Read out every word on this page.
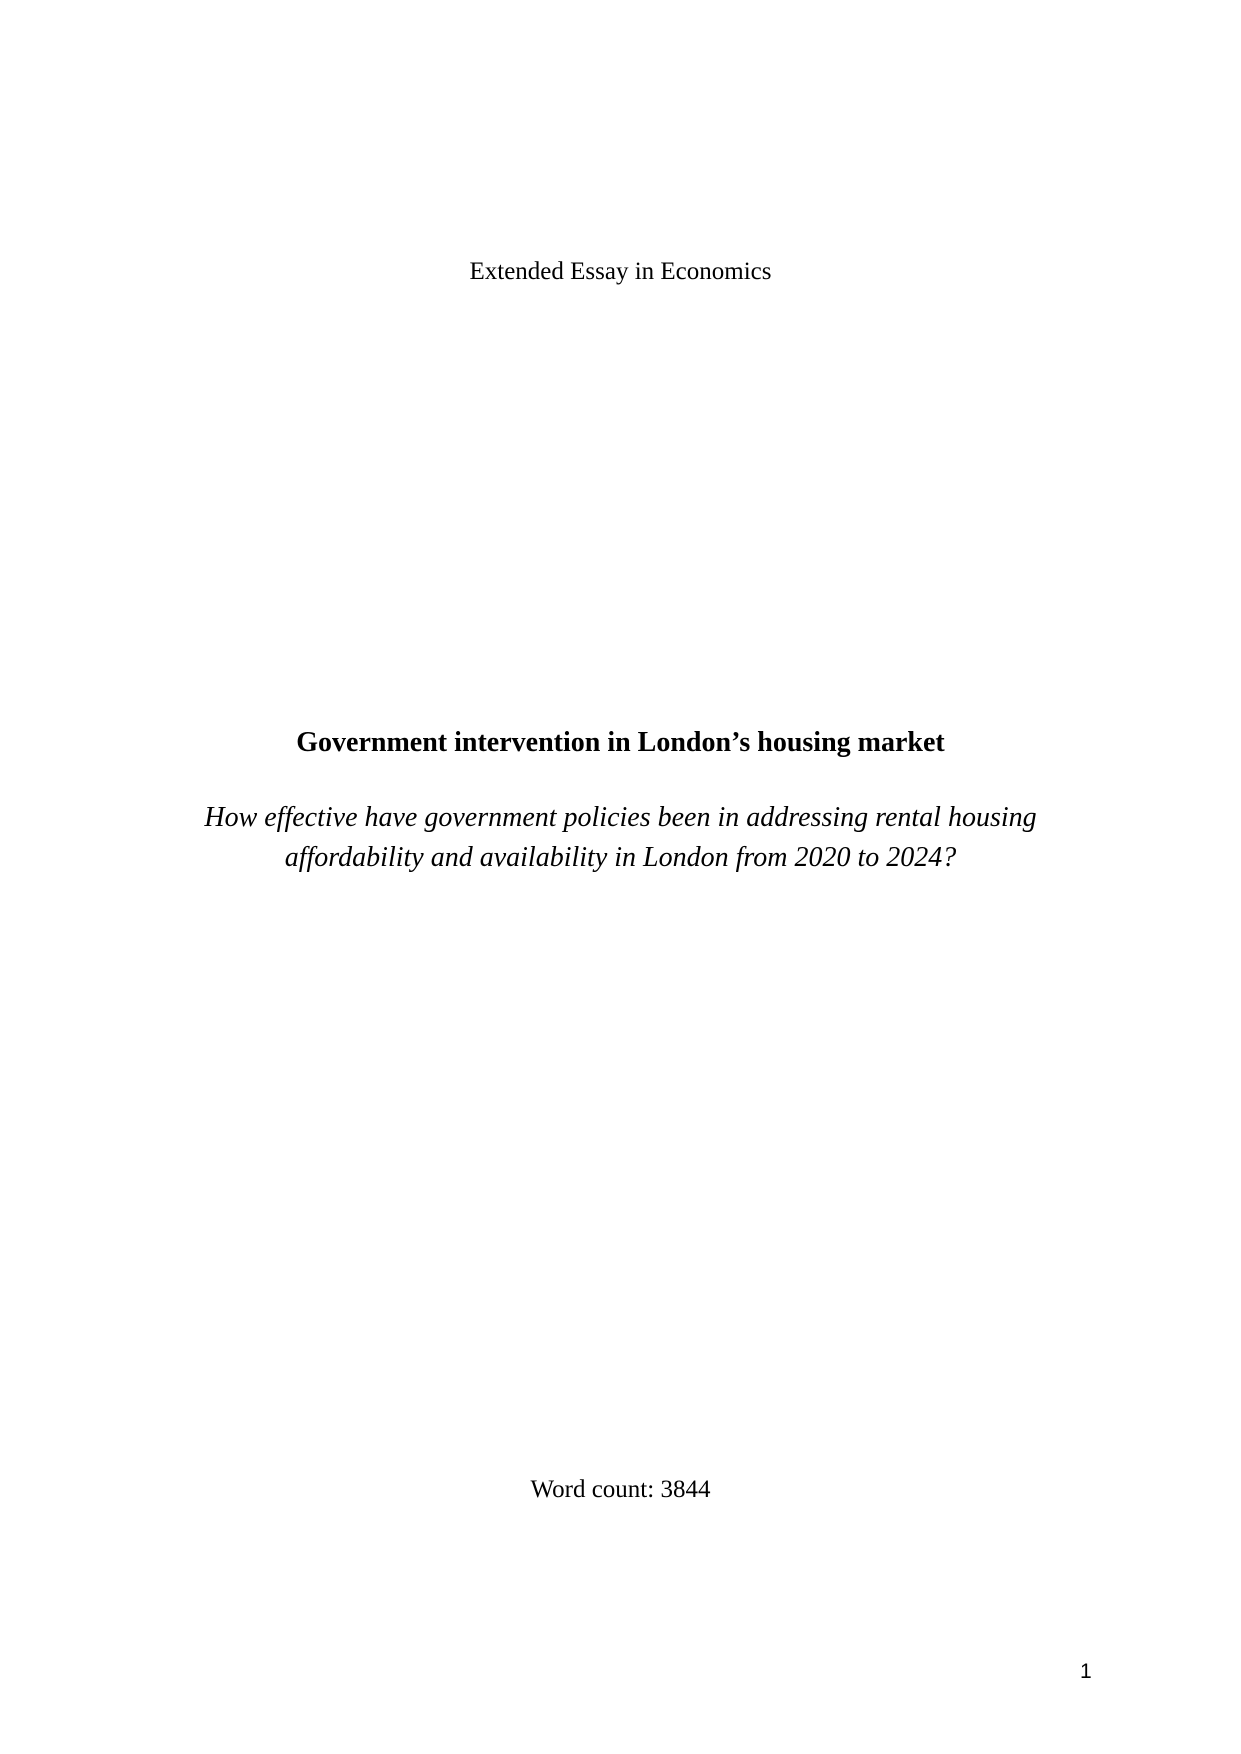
Extended Essay in Economics
Government intervention in London’s housing market
How effective have government policies been in addressing rental housing
affordability and availability in London from 2020 to 2024?
Word count: 3844
1
